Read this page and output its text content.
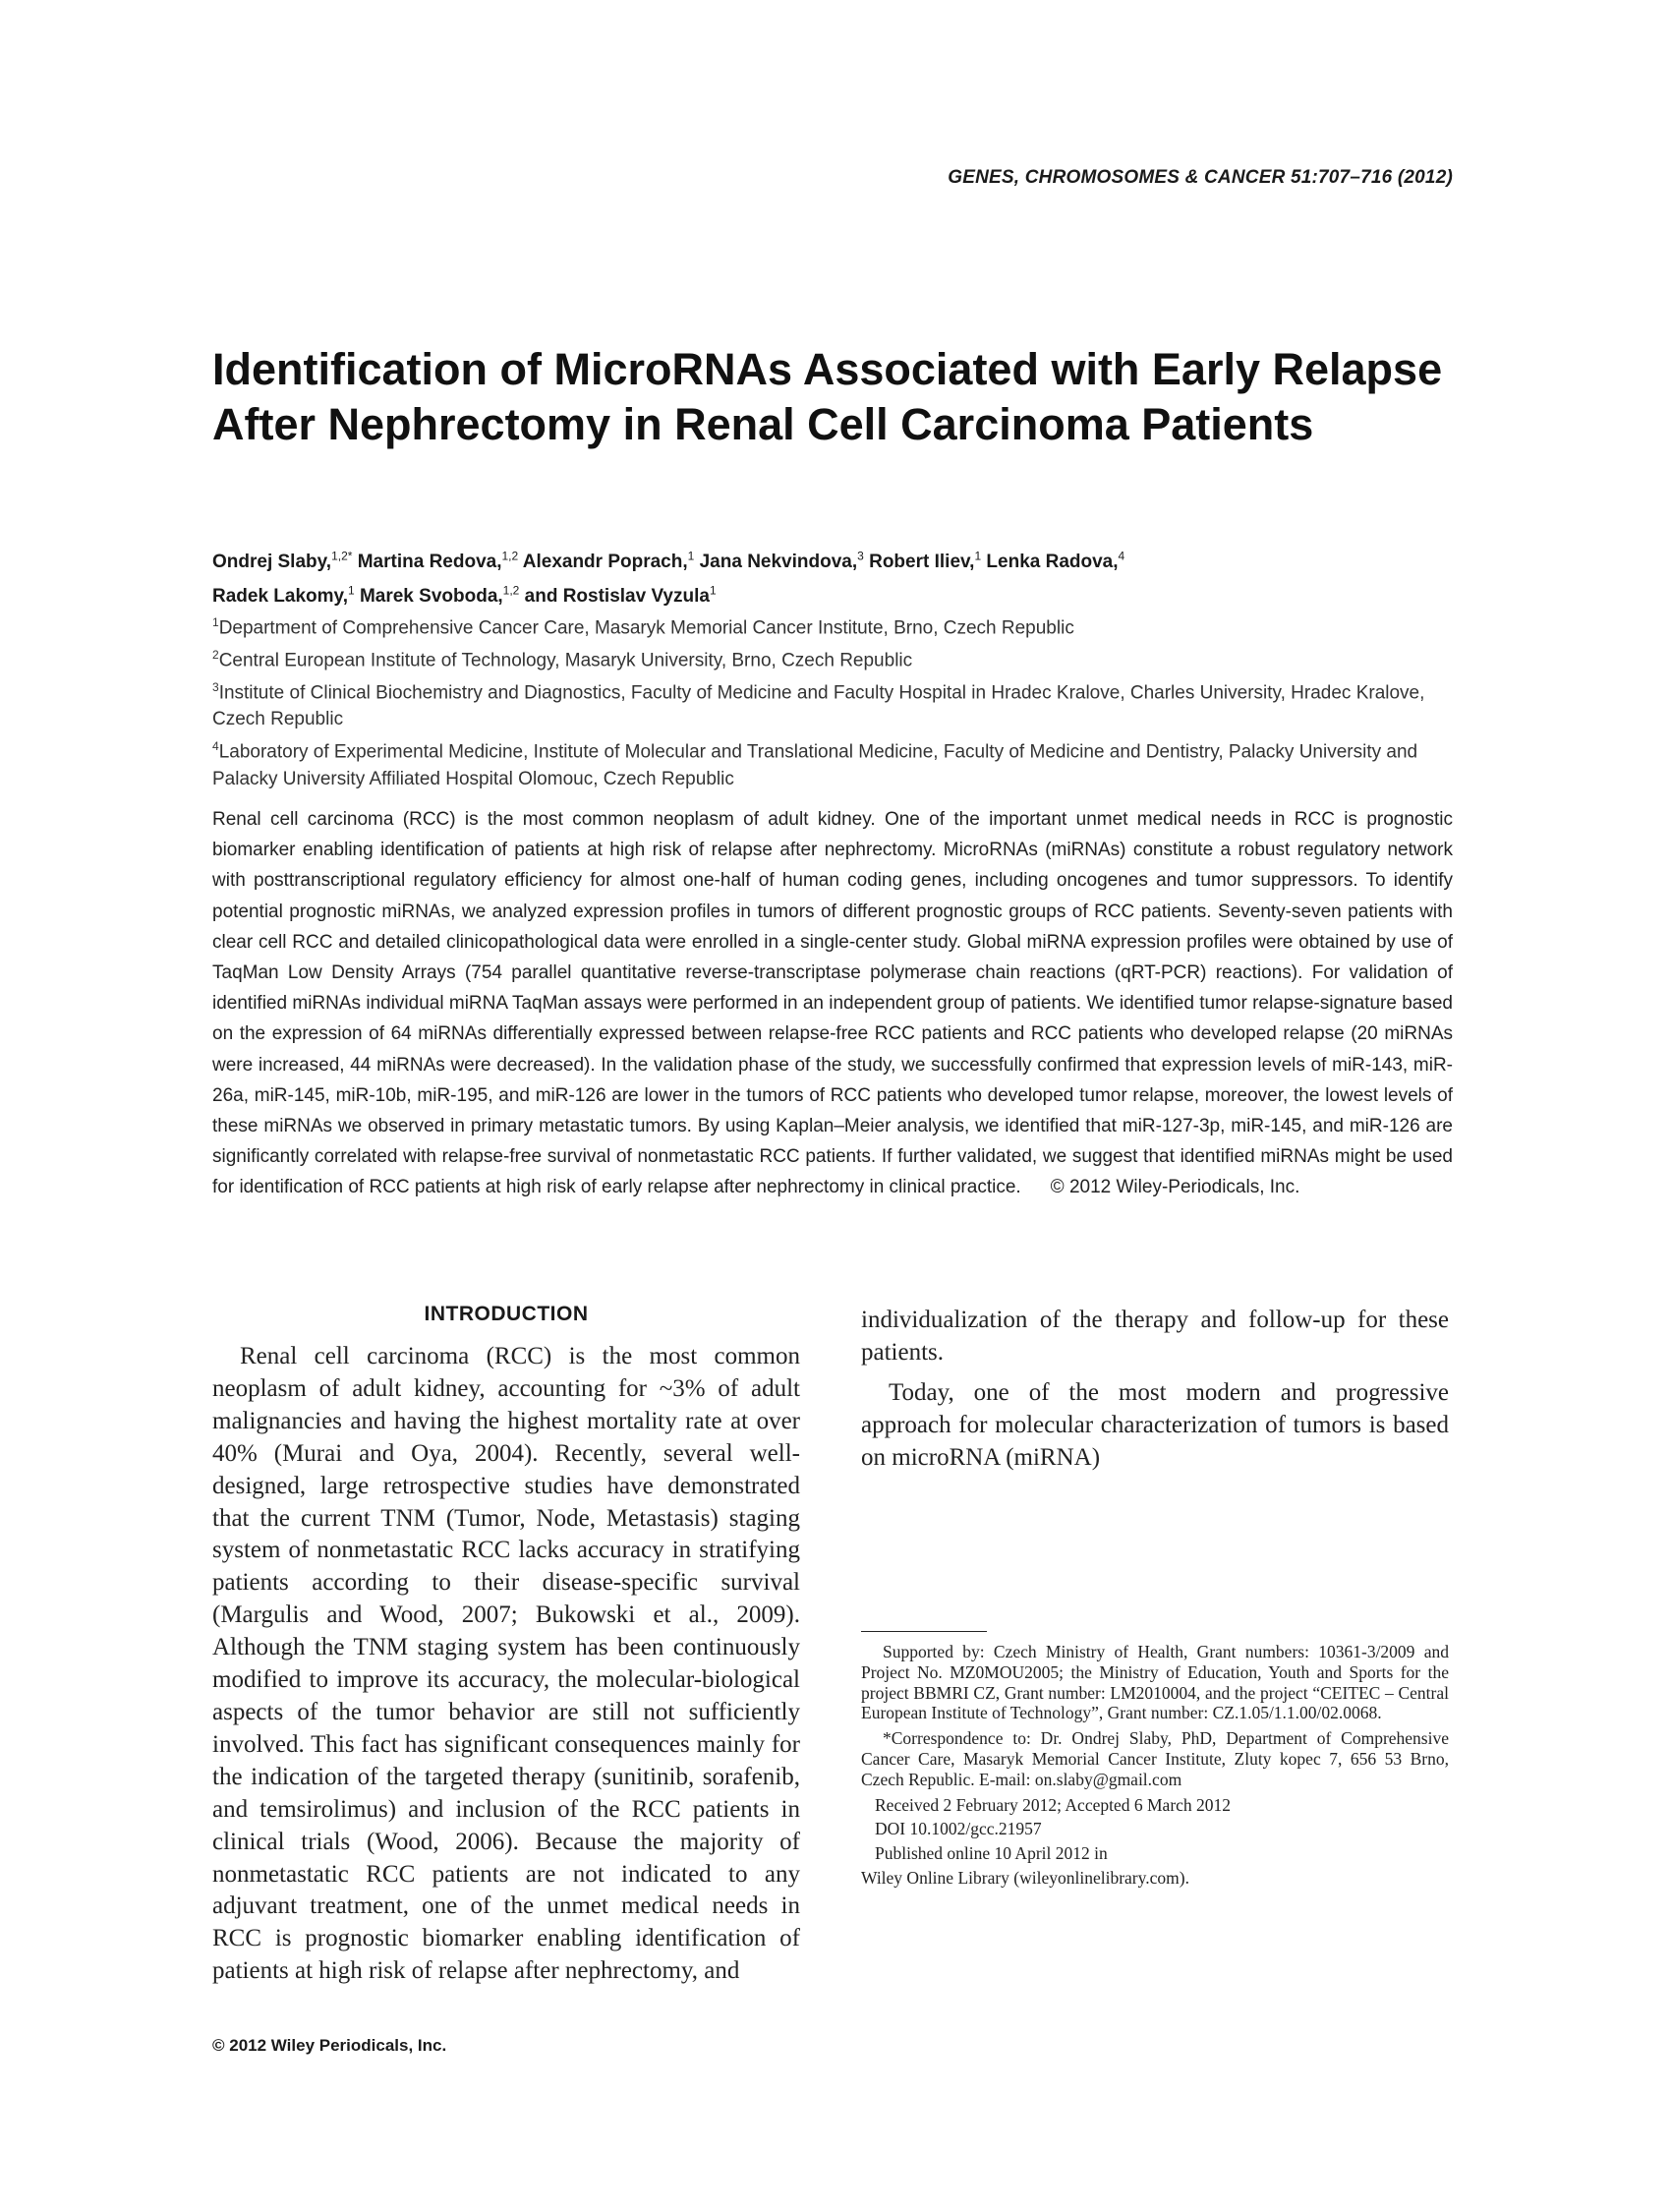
GENES, CHROMOSOMES & CANCER 51:707–716 (2012)
Identification of MicroRNAs Associated with Early Relapse After Nephrectomy in Renal Cell Carcinoma Patients
Ondrej Slaby,$^{1,2*}$ Martina Redova,$^{1,2}$ Alexandr Poprach,$^1$ Jana Nekvindova,$^3$ Robert Iliev,$^1$ Lenka Radova,$^4$
Radek Lakomy,$^1$ Marek Svoboda,$^{1,2}$ and Rostislav Vyzula$^1$
$^1$Department of Comprehensive Cancer Care, Masaryk Memorial Cancer Institute, Brno, Czech Republic
$^2$Central European Institute of Technology, Masaryk University, Brno, Czech Republic
$^3$Institute of Clinical Biochemistry and Diagnostics, Faculty of Medicine and Faculty Hospital in Hradec Kralove, Charles University, Hradec Kralove, Czech Republic
$^4$Laboratory of Experimental Medicine, Institute of Molecular and Translational Medicine, Faculty of Medicine and Dentistry, Palacky University and Palacky University Affiliated Hospital Olomouc, Czech Republic
Renal cell carcinoma (RCC) is the most common neoplasm of adult kidney. One of the important unmet medical needs in RCC is prognostic biomarker enabling identification of patients at high risk of relapse after nephrectomy. MicroRNAs (miRNAs) constitute a robust regulatory network with posttranscriptional regulatory efficiency for almost one-half of human coding genes, including oncogenes and tumor suppressors. To identify potential prognostic miRNAs, we analyzed expression profiles in tumors of different prognostic groups of RCC patients. Seventy-seven patients with clear cell RCC and detailed clinicopathological data were enrolled in a single-center study. Global miRNA expression profiles were obtained by use of TaqMan Low Density Arrays (754 parallel quantitative reverse-transcriptase polymerase chain reactions (qRT-PCR) reactions). For validation of identified miRNAs individual miRNA TaqMan assays were performed in an independent group of patients. We identified tumor relapse-signature based on the expression of 64 miRNAs differentially expressed between relapse-free RCC patients and RCC patients who developed relapse (20 miRNAs were increased, 44 miRNAs were decreased). In the validation phase of the study, we successfully confirmed that expression levels of miR-143, miR-26a, miR-145, miR-10b, miR-195, and miR-126 are lower in the tumors of RCC patients who developed tumor relapse, moreover, the lowest levels of these miRNAs we observed in primary metastatic tumors. By using Kaplan–Meier analysis, we identified that miR-127-3p, miR-145, and miR-126 are significantly correlated with relapse-free survival of nonmetastatic RCC patients. If further validated, we suggest that identified miRNAs might be used for identification of RCC patients at high risk of early relapse after nephrectomy in clinical practice. © 2012 Wiley-Periodicals, Inc.
INTRODUCTION

Renal cell carcinoma (RCC) is the most common neoplasm of adult kidney, accounting for ~3% of adult malignancies and having the highest mortality rate at over 40% (Murai and Oya, 2004). Recently, several well-designed, large retrospective studies have demonstrated that the current TNM (Tumor, Node, Metastasis) staging system of nonmetastatic RCC lacks accuracy in stratifying patients according to their disease-specific survival (Margulis and Wood, 2007; Bukowski et al., 2009). Although the TNM staging system has been continuously modified to improve its accuracy, the molecular-biological aspects of the tumor behavior are still not sufficiently involved. This fact has significant consequences mainly for the indication of the targeted therapy (sunitinib, sorafenib, and temsirolimus) and inclusion of the RCC patients in clinical trials (Wood, 2006). Because the majority of nonmetastatic RCC patients are not indicated to any adjuvant treatment, one of the unmet medical needs in RCC is prognostic biomarker enabling identification of patients at high risk of relapse after nephrectomy, and

individualization of the therapy and follow-up for these patients.

Today, one of the most modern and progressive approach for molecular characterization of tumors is based on microRNA (miRNA)

Supported by: Czech Ministry of Health, Grant numbers: 10361-3/2009 and Project No. MZ0MOU2005; the Ministry of Education, Youth and Sports for the project BBMRI CZ, Grant number: LM2010004, and the project “CEITEC – Central European Institute of Technology”, Grant number: CZ.1.05/1.1.00/02.0068.

*Correspondence to: Dr. Ondrej Slaby, PhD, Department of Comprehensive Cancer Care, Masaryk Memorial Cancer Institute, Zluty kopec 7, 656 53 Brno, Czech Republic. E-mail: on.slaby@gmail.com

Received 2 February 2012; Accepted 6 March 2012
DOI 10.1002/gcc.21957
Published online 10 April 2012 in
Wiley Online Library (wileyonlinelibrary.com).
© 2012 Wiley Periodicals, Inc.
